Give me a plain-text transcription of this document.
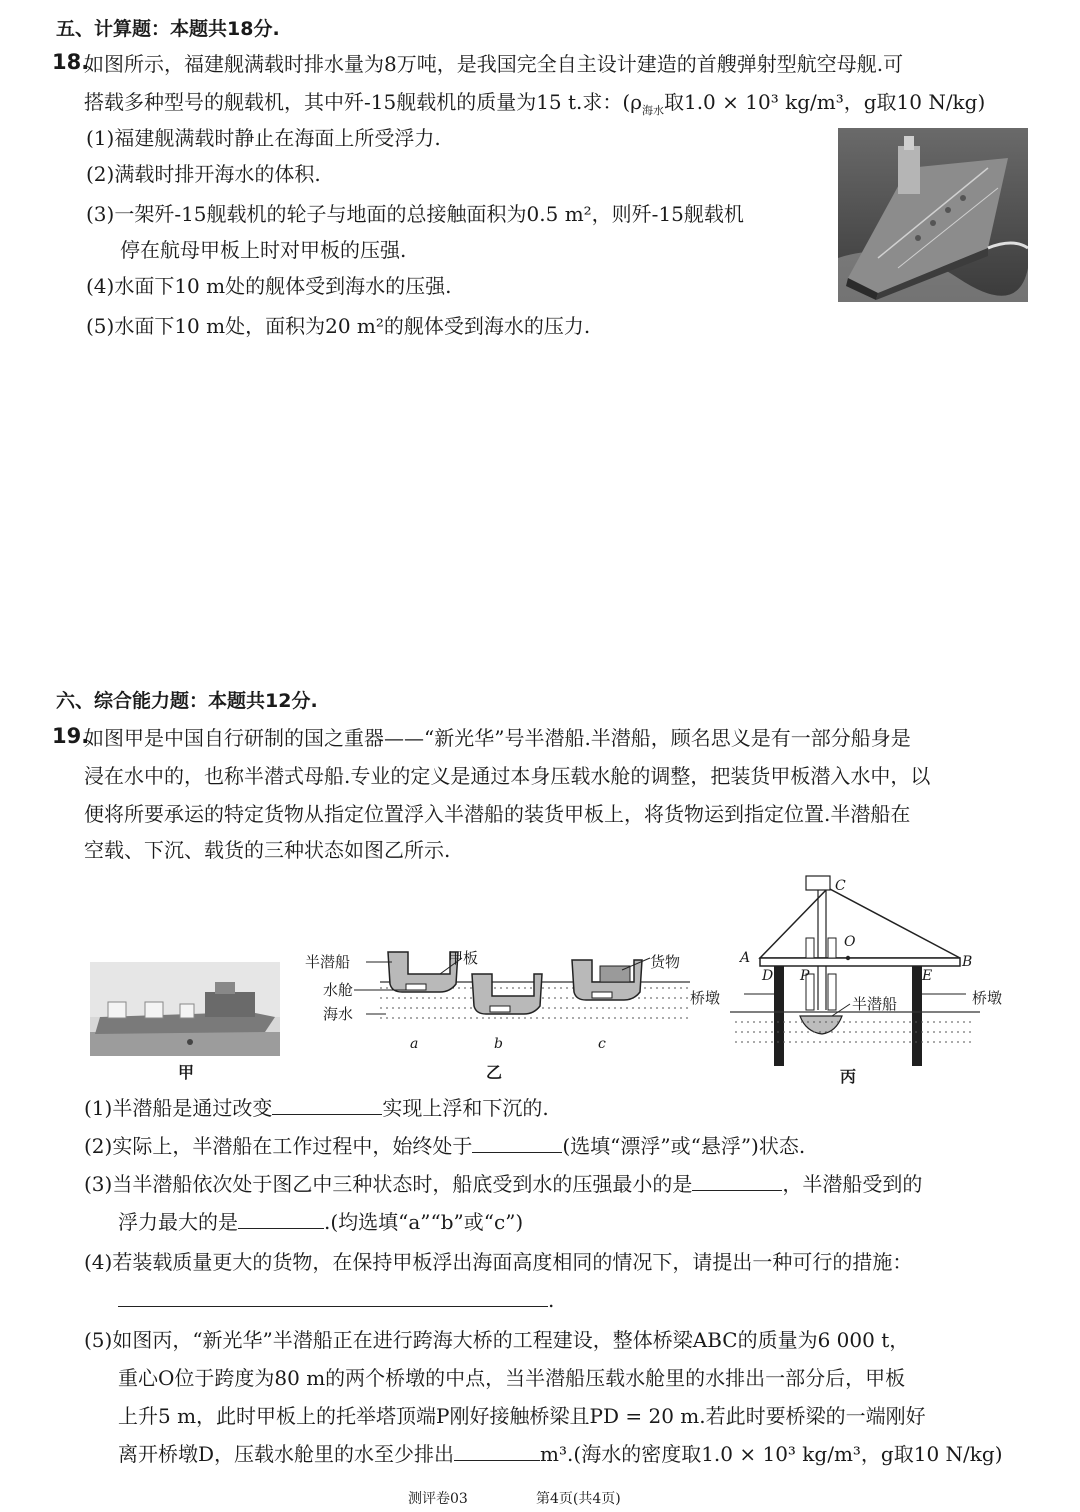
五、计算题：本题共18分.
18.
如图所示，福建舰满载时排水量为8万吨，是我国完全自主设计建造的首艘弹射型航空母舰.可
搭载多种型号的舰载机，其中歼-15舰载机的质量为15 t.求：($\rho_{海水}$取1.0 × 10³ kg/m³，g取10 N/kg)
(1)福建舰满载时静止在海面上所受浮力.
(2)满载时排开海水的体积.
(3)一架歼-15舰载机的轮子与地面的总接触面积为0.5 m²，则歼-15舰载机
停在航母甲板上时对甲板的压强.
(4)水面下10 m处的舰体受到海水的压强.
(5)水面下10 m处，面积为20 m²的舰体受到海水的压力.
六、综合能力题：本题共12分.
19.
如图甲是中国自行研制的国之重器——“新光华”号半潜船.半潜船，顾名思义是有一部分船身是
浸在水中的，也称半潜式母船.专业的定义是通过本身压载水舱的调整，把装货甲板潜入水中，以
便将所要承运的特定货物从指定位置浮入半潜船的装货甲板上，将货物运到指定位置.半潜船在
空载、下沉、载货的三种状态如图乙所示.
甲
半潜船
水舱
海水
甲板	货物
a	b	c
乙
C
A	B
O
D P	E
桥墩	桥墩
半潜船
丙
(1)半潜船是通过改变	实现上浮和下沉的.
(2)实际上，半潜船在工作过程中，始终处于	(选填“漂浮”或“悬浮”)状态.
(3)当半潜船依次处于图乙中三种状态时，船底受到水的压强最小的是	，半潜船受到的
浮力最大的是	.(均选填“a”“b”或“c”)
(4)若装载质量更大的货物，在保持甲板浮出海面高度相同的情况下，请提出一种可行的措施：
.
(5)如图丙，“新光华”半潜船正在进行跨海大桥的工程建设，整体桥梁ABC的质量为6 000 t，
重心O位于跨度为80 m的两个桥墩的中点，当半潜船压载水舱里的水排出一部分后，甲板
上升5 m，此时甲板上的托举塔顶端P刚好接触桥梁且PD = 20 m.若此时要桥梁的一端刚好
离开桥墩D，压载水舱里的水至少排出	m³.(海水的密度取1.0 × 10³ kg/m³，g取10 N/kg)
测评卷03	第4页(共4页)
